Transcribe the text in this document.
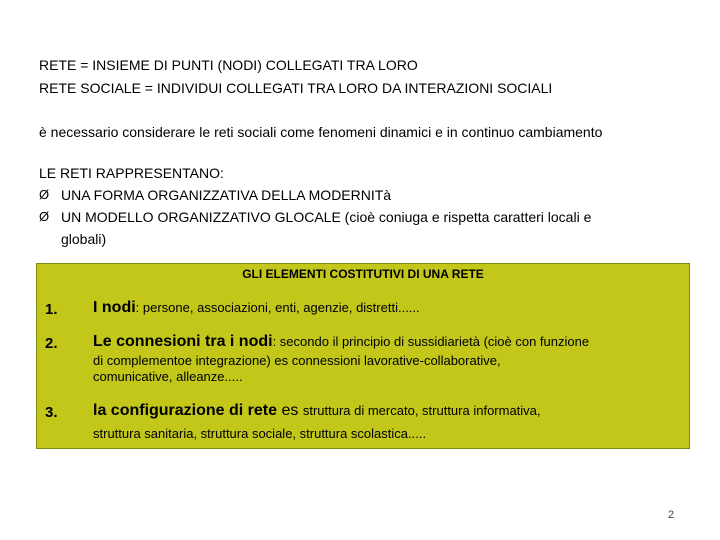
RETE = INSIEME DI PUNTI (NODI) COLLEGATI TRA LORO
RETE SOCIALE = INDIVIDUI COLLEGATI TRA LORO DA INTERAZIONI SOCIALI
è necessario considerare le reti sociali come fenomeni dinamici e in continuo cambiamento
LE RETI RAPPRESENTANO:
Ø UNA FORMA ORGANIZZATIVA DELLA MODERNITà
Ø UN MODELLO ORGANIZZATIVO GLOCALE (cioè coniuga e rispetta caratteri locali e
globali)
GLI ELEMENTI COSTITUTIVI DI UNA RETE
1. I nodi: persone, associazioni, enti, agenzie, distretti......
2. Le connesioni tra i nodi: secondo il principio di sussidiarietà (cioè con funzione
di complementoe integrazione) es connessioni lavorative-collaborative,
comunicative, alleanze.....
3. la configurazione di rete es struttura di mercato, struttura informativa,
struttura sanitaria, struttura sociale, struttura scolastica.....
2
